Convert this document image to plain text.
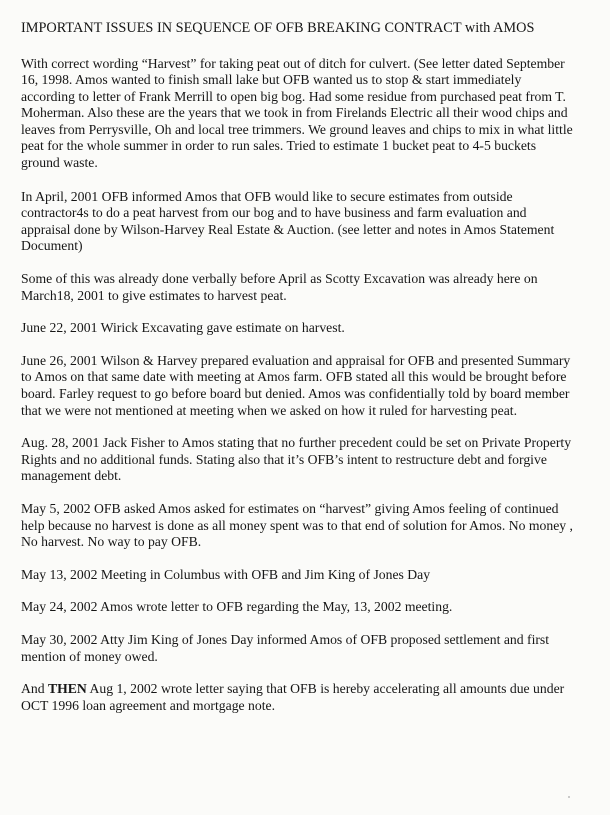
IMPORTANT ISSUES IN SEQUENCE OF OFB BREAKING CONTRACT with AMOS

With correct wording “Harvest” for taking peat out of ditch for culvert. (See letter dated September 16, 1998. Amos wanted to finish small lake but OFB wanted us to stop & start immediately according to letter of Frank Merrill to open big bog. Had some residue from purchased peat from T. Moherman. Also these are the years that we took in from Firelands Electric all their wood chips and leaves from Perrysville, Oh and local tree trimmers. We ground leaves and chips to mix in what little peat for the whole summer in order to run sales. Tried to estimate 1 bucket peat to 4-5 buckets ground waste.

In April, 2001 OFB informed Amos that OFB would like to secure estimates from outside contractor4s to do a peat harvest from our bog and to have business and farm evaluation and appraisal done by Wilson-Harvey Real Estate & Auction. (see letter and notes in Amos Statement Document)

Some of this was already done verbally before April as Scotty Excavation was already here on March18, 2001 to give estimates to harvest peat.

June 22, 2001 Wirick Excavating gave estimate on harvest.

June 26, 2001 Wilson & Harvey prepared evaluation and appraisal for OFB and presented Summary to Amos on that same date with meeting at Amos farm. OFB stated all this would be brought before board. Farley request to go before board but denied. Amos was confidentially told by board member that we were not mentioned at meeting when we asked on how it ruled for harvesting peat.

Aug. 28, 2001 Jack Fisher to Amos stating that no further precedent could be set on Private Property Rights and no additional funds. Stating also that it’s OFB’s intent to restructure debt and forgive management debt.

May 5, 2002 OFB asked Amos asked for estimates on “harvest” giving Amos feeling of continued help because no harvest is done as all money spent was to that end of solution for Amos. No money , No harvest. No way to pay OFB.

May 13, 2002 Meeting in Columbus with OFB and Jim King of Jones Day

May 24, 2002 Amos wrote letter to OFB regarding the May, 13, 2002 meeting.

May 30, 2002 Atty Jim King of Jones Day informed Amos of OFB proposed settlement and first mention of money owed.

And THEN Aug 1, 2002 wrote letter saying that OFB is hereby accelerating all amounts due under OCT 1996 loan agreement and mortgage note.
